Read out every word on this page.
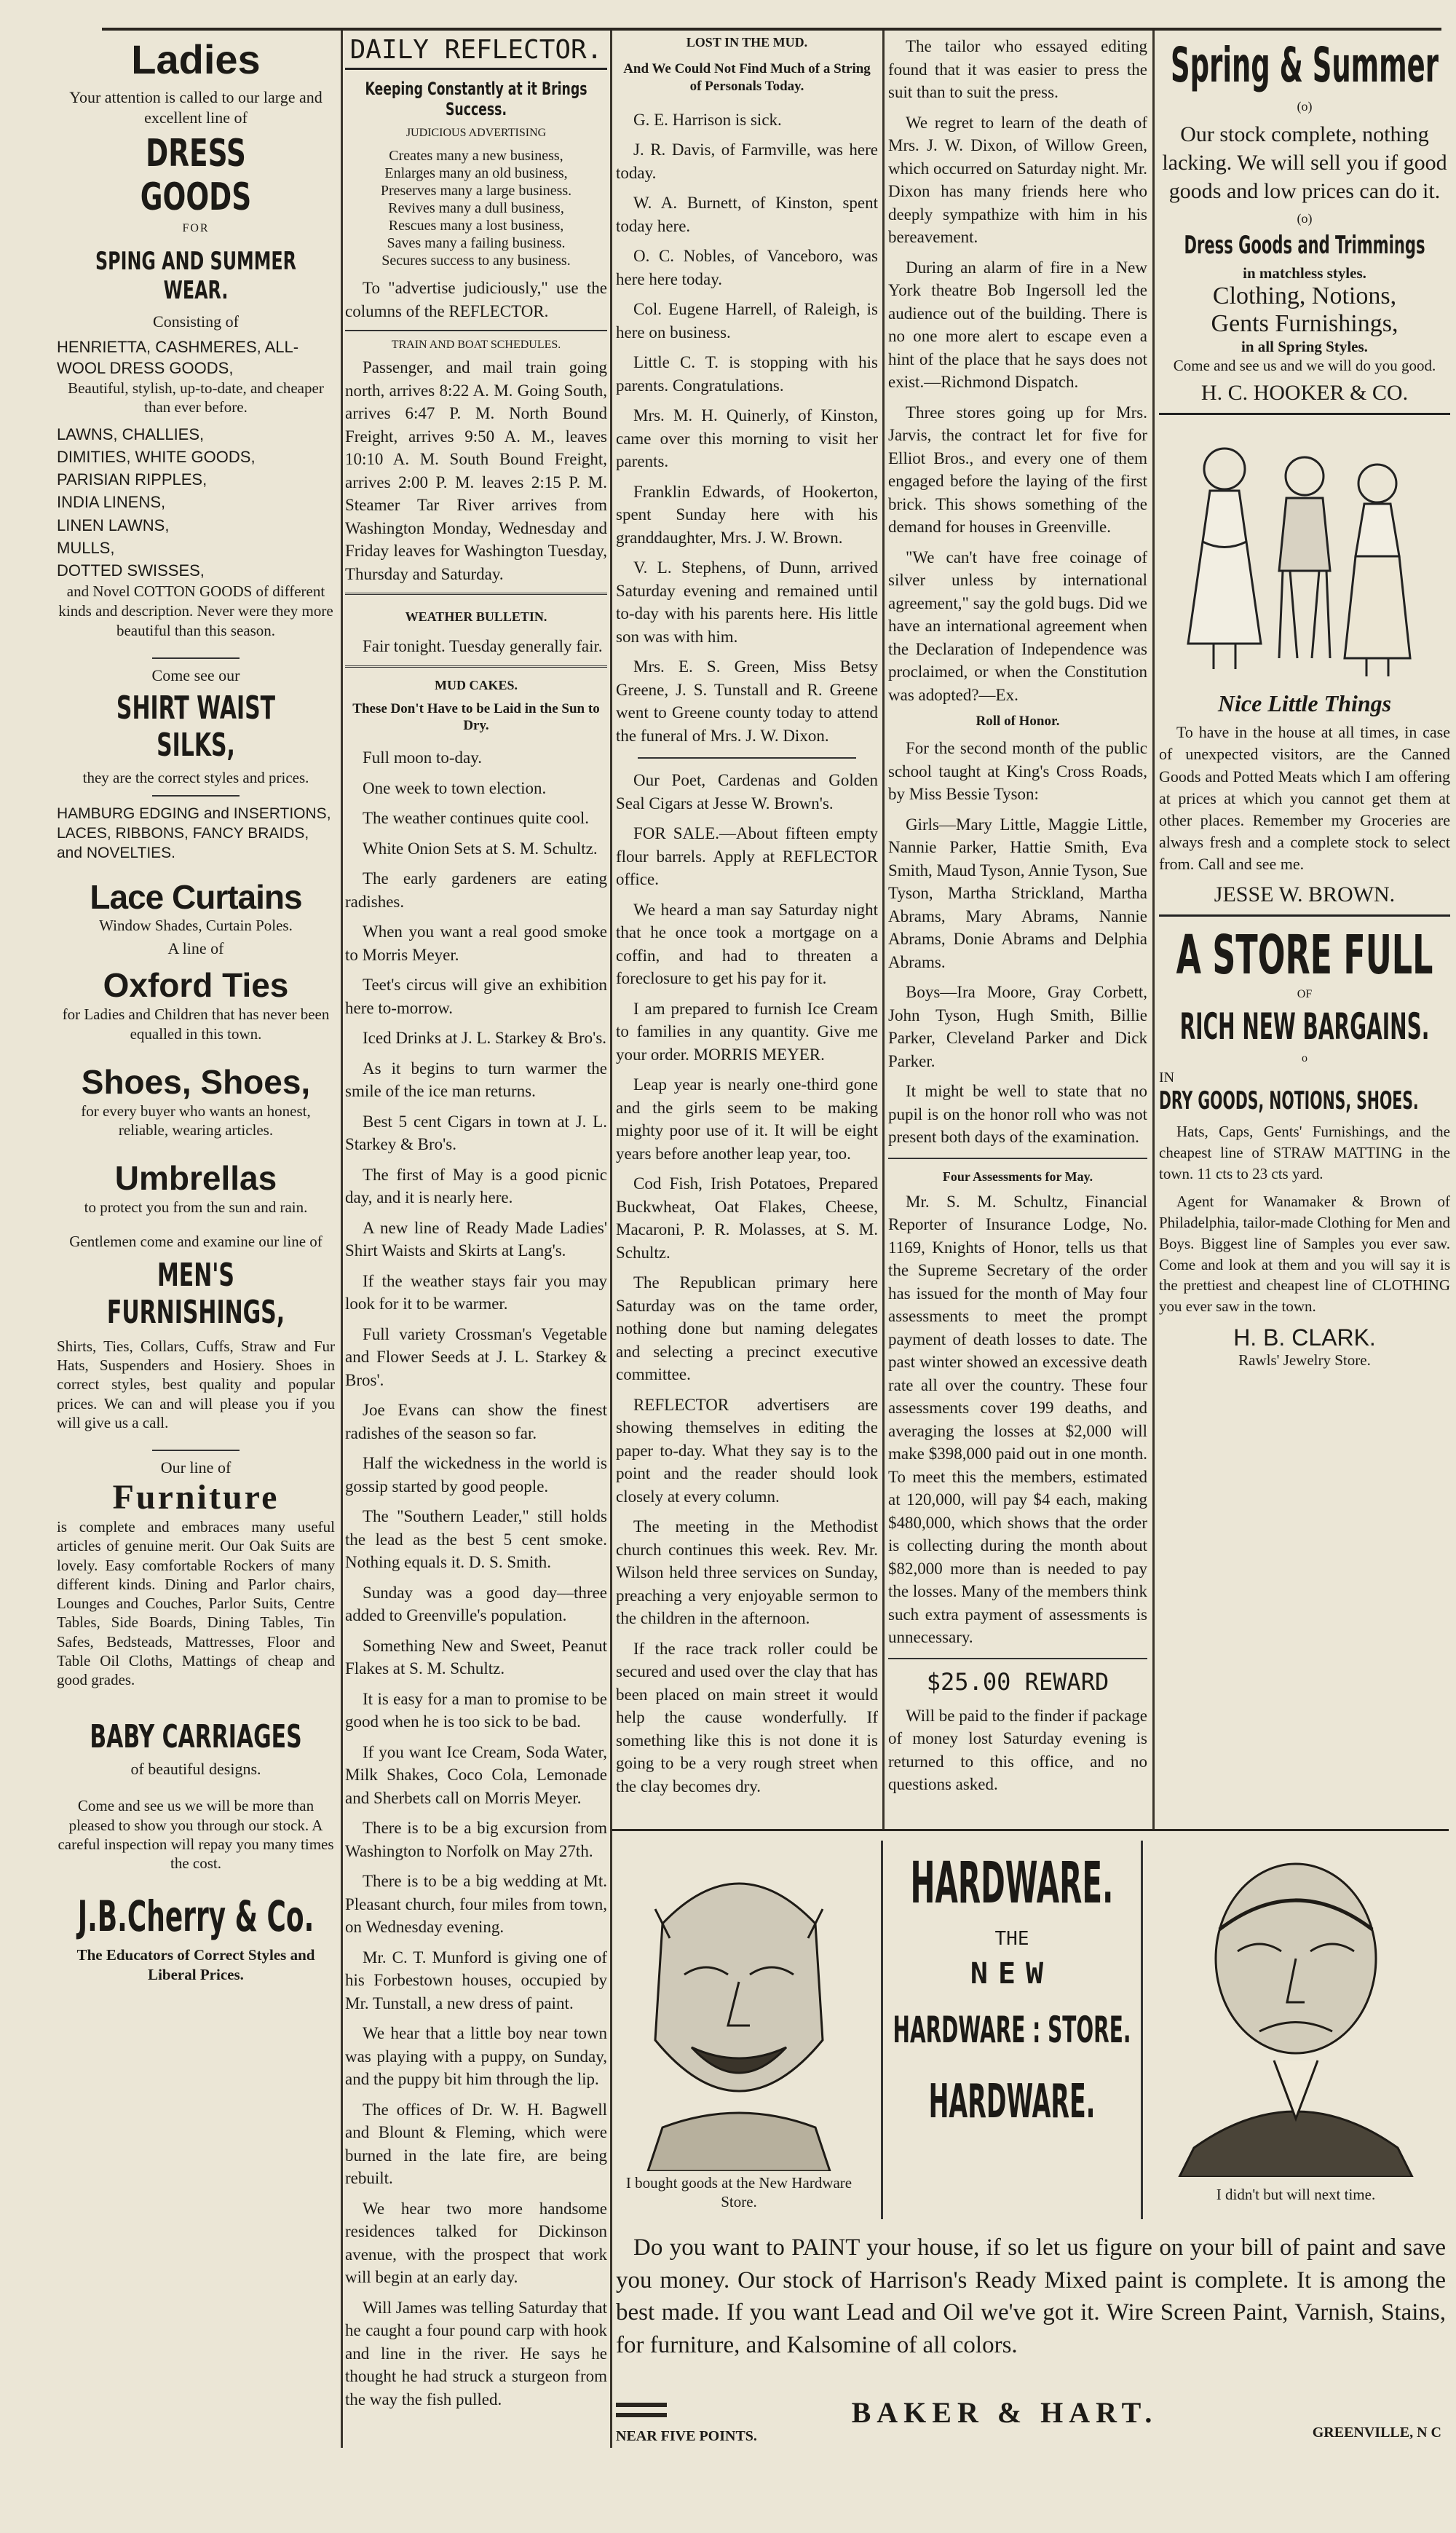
Ladies
Your attention is called to our large and excellent line of
DRESS GOODS
FOR
SPING AND SUMMER WEAR.
Consisting of
HENRIETTA, CASHMERES, ALL-WOOL DRESS GOODS,
Beautiful, stylish, up-to-date, and cheaper than ever before.
LAWNS, CHALLIES,
DIMITIES, WHITE GOODS,
PARISIAN RIPPLES,
INDIA LINENS,
LINEN LAWNS,
MULLS,
DOTTED SWISSES,
and Novel COTTON GOODS of different kinds and description. Never were they more beautiful than this season.
Come see our
SHIRT WAIST SILKS,
they are the correct styles and prices.
HAMBURG EDGING and INSERTIONS, LACES, RIBBONS, FANCY BRAIDS, and NOVELTIES.
Lace Curtains
Window Shades, Curtain Poles.
A line of
Oxford Ties
for Ladies and Children that has never been equalled in this town.
Shoes, Shoes,
for every buyer who wants an honest, reliable, wearing articles.
Umbrellas
to protect you from the sun and rain.
Gentlemen come and examine our line of
MEN'S FURNISHINGS,
Shirts, Ties, Collars, Cuffs, Straw and Fur Hats, Suspenders and Hosiery. Shoes in correct styles, best quality and popular prices. We can and will please you if you will give us a call.
Our line of
Furniture
is complete and embraces many useful articles of genuine merit. Our Oak Suits are lovely. Easy comfortable Rockers of many different kinds. Dining and Parlor chairs, Lounges and Couches, Parlor Suits, Centre Tables, Side Boards, Dining Tables, Tin Safes, Bedsteads, Mattresses, Floor and Table Oil Cloths, Mattings of cheap and good grades.
BABY CARRIAGES
of beautiful designs.
Come and see us we will be more than pleased to show you through our stock. A careful inspection will repay you many times the cost.
J.B.Cherry & Co.
The Educators of Correct Styles and Liberal Prices.
DAILY REFLECTOR.
Keeping Constantly at it Brings Success.
JUDICIOUS ADVERTISING
Creates many a new business,
Enlarges many an old business,
Preserves many a large business.
Revives many a dull business,
Rescues many a lost business,
Saves many a failing business.
Secures success to any business.

To "advertise judiciously," use the columns of the REFLECTOR.

TRAIN AND BOAT SCHEDULES.

Passenger, and mail train going north, arrives 8:22 A. M. Going South, arrives 6:47 P. M. North Bound Freight, arrives 9:50 A. M., leaves 10:10 A. M. South Bound Freight, arrives 2:00 P. M. leaves 2:15 P. M. Steamer Tar River arrives from Washington Monday, Wednesday and Friday leaves for Washington Tuesday, Thursday and Saturday.

WEATHER BULLETIN.

Fair tonight. Tuesday generally fair.

MUD CAKES.
These Don't Have to be Laid in the Sun to Dry.

Full moon to-day.

One week to town election.

The weather continues quite cool.

White Onion Sets at S. M. Schultz.

The early gardeners are eating radishes.

When you want a real good smoke to Morris Meyer.

Teet's circus will give an exhibition here to-morrow.

Iced Drinks at J. L. Starkey & Bro's.

As it begins to turn warmer the smile of the ice man returns.

Best 5 cent Cigars in town at J. L. Starkey & Bro's.

The first of May is a good picnic day, and it is nearly here.

A new line of Ready Made Ladies' Shirt Waists and Skirts at Lang's.

If the weather stays fair you may look for it to be warmer.

Full variety Crossman's Vegetable and Flower Seeds at J. L. Starkey & Bros'.

Joe Evans can show the finest radishes of the season so far.

Half the wickedness in the world is gossip started by good people.

The "Southern Leader," still holds the lead as the best 5 cent smoke. Nothing equals it. D. S. Smith.

Sunday was a good day—three added to Greenville's population.

Something New and Sweet, Peanut Flakes at S. M. Schultz.

It is easy for a man to promise to be good when he is too sick to be bad.

If you want Ice Cream, Soda Water, Milk Shakes, Coco Cola, Lemonade and Sherbets call on Morris Meyer.

There is to be a big excursion from Washington to Norfolk on May 27th.

There is to be a big wedding at Mt. Pleasant church, four miles from town, on Wednesday evening.

Mr. C. T. Munford is giving one of his Forbestown houses, occupied by Mr. Tunstall, a new dress of paint.

We hear that a little boy near town was playing with a puppy, on Sunday, and the puppy bit him through the lip.

The offices of Dr. W. H. Bagwell and Blount & Fleming, which were burned in the late fire, are being rebuilt.

We hear two more handsome residences talked for Dickinson avenue, with the prospect that work will begin at an early day.

Will James was telling Saturday that he caught a four pound carp with hook and line in the river. He says he thought he had struck a sturgeon from the way the fish pulled.

LOST IN THE MUD.
And We Could Not Find Much of a String of Personals Today.

G. E. Harrison is sick.

J. R. Davis, of Farmville, was here today.

W. A. Burnett, of Kinston, spent today here.

O. C. Nobles, of Vanceboro, was here here today.

Col. Eugene Harrell, of Raleigh, is here on business.

Little C. T. is stopping with his parents. Congratulations.

Mrs. M. H. Quinerly, of Kinston, came over this morning to visit her parents.

Franklin Edwards, of Hookerton, spent Sunday here with his granddaughter, Mrs. J. W. Brown.

V. L. Stephens, of Dunn, arrived Saturday evening and remained until to-day with his parents here. His little son was with him.

Mrs. E. S. Green, Miss Betsy Greene, J. S. Tunstall and R. Greene went to Greene county today to attend the funeral of Mrs. J. W. Dixon.

Our Poet, Cardenas and Golden Seal Cigars at Jesse W. Brown's.

FOR SALE.—About fifteen empty flour barrels. Apply at REFLECTOR office.

We heard a man say Saturday night that he once took a mortgage on a coffin, and had to threaten a foreclosure to get his pay for it.

I am prepared to furnish Ice Cream to families in any quantity. Give me your order. MORRIS MEYER.

Leap year is nearly one-third gone and the girls seem to be making mighty poor use of it. It will be eight years before another leap year, too.

Cod Fish, Irish Potatoes, Prepared Buckwheat, Oat Flakes, Cheese, Macaroni, P. R. Molasses, at S. M. Schultz.

The Republican primary here Saturday was on the tame order, nothing done but naming delegates and selecting a precinct executive committee.

REFLECTOR advertisers are showing themselves in editing the paper to-day. What they say is to the point and the reader should look closely at every column.

The meeting in the Methodist church continues this week. Rev. Mr. Wilson held three services on Sunday, preaching a very enjoyable sermon to the children in the afternoon.

If the race track roller could be secured and used over the clay that has been placed on main street it would help the cause wonderfully. If something like this is not done it is going to be a very rough street when the clay becomes dry.

The tailor who essayed editing found that it was easier to press the suit than to suit the press.

We regret to learn of the death of Mrs. J. W. Dixon, of Willow Green, which occurred on Saturday night. Mr. Dixon has many friends here who deeply sympathize with him in his bereavement.

During an alarm of fire in a New York theatre Bob Ingersoll led the audience out of the building. There is no one more alert to escape even a hint of the place that he says does not exist.—Richmond Dispatch.

Three stores going up for Mrs. Jarvis, the contract let for five for Elliot Bros., and every one of them engaged before the laying of the first brick. This shows something of the demand for houses in Greenville.

"We can't have free coinage of silver unless by international agreement," say the gold bugs. Did we have an international agreement when the Declaration of Independence was proclaimed, or when the Constitution was adopted?—Ex.

Roll of Honor.

For the second month of the public school taught at King's Cross Roads, by Miss Bessie Tyson:

Girls—Mary Little, Maggie Little, Nannie Parker, Hattie Smith, Eva Smith, Maud Tyson, Annie Tyson, Sue Tyson, Martha Strickland, Martha Abrams, Mary Abrams, Nannie Abrams, Donie Abrams and Delphia Abrams.

Boys—Ira Moore, Gray Corbett, John Tyson, Hugh Smith, Billie Parker, Cleveland Parker and Dick Parker.

It might be well to state that no pupil is on the honor roll who was not present both days of the examination.

Four Assessments for May.

Mr. S. M. Schultz, Financial Reporter of Insurance Lodge, No. 1169, Knights of Honor, tells us that the Supreme Secretary of the order has issued for the month of May four assessments to meet the prompt payment of death losses to date. The past winter showed an excessive death rate all over the country. These four assessments cover 199 deaths, and averaging the losses at $2,000 will make $398,000 paid out in one month. To meet this the members, estimated at 120,000, will pay $4 each, making $480,000, which shows that the order is collecting during the month about $82,000 more than is needed to pay the losses. Many of the members think such extra payment of assessments is unnecessary.

$25.00 REWARD

Will be paid to the finder if package of money lost Saturday evening is returned to this office, and no questions asked.

Spring & Summer
(o)
Our stock complete, nothing lacking. We will sell you if good goods and low prices can do it.
(o)
Dress Goods and Trimmings
in matchless styles.
Clothing, Notions,
Gents Furnishings,
in all Spring Styles.
Come and see us and we will do you good.
H. C. HOOKER & CO.
Nice Little Things

To have in the house at all times, in case of unexpected visitors, are the Canned Goods and Potted Meats which I am offering at prices at which you cannot get them at other places. Remember my Groceries are always fresh and a complete stock to select from. Call and see me.

JESSE W. BROWN.
A STORE FULL
OF
RICH NEW BARGAINS.
o
IN
DRY GOODS, NOTIONS, SHOES.

Hats, Caps, Gents' Furnishings, and the cheapest line of STRAW MATTING in the town. 11 cts to 23 cts yard.

Agent for Wanamaker & Brown of Philadelphia, tailor-made Clothing for Men and Boys. Biggest line of Samples you ever saw. Come and look at them and you will say it is the prettiest and cheapest line of CLOTHING you ever saw in the town.

H. B. CLARK.
Rawls' Jewelry Store.
I bought goods at the New Hardware Store.
HARDWARE.
THE
NEW
HARDWARE : STORE.
HARDWARE.
I didn't but will next time.
Do you want to PAINT your house, if so let us figure on your bill of paint and save you money. Our stock of Harrison's Ready Mixed paint is complete. It is among the best made. If you want Lead and Oil we've got it. Wire Screen Paint, Varnish, Stains, for furniture, and Kalsomine of all colors.
BAKER & HART.
NEAR FIVE POINTS.	GREENVILLE, N C
